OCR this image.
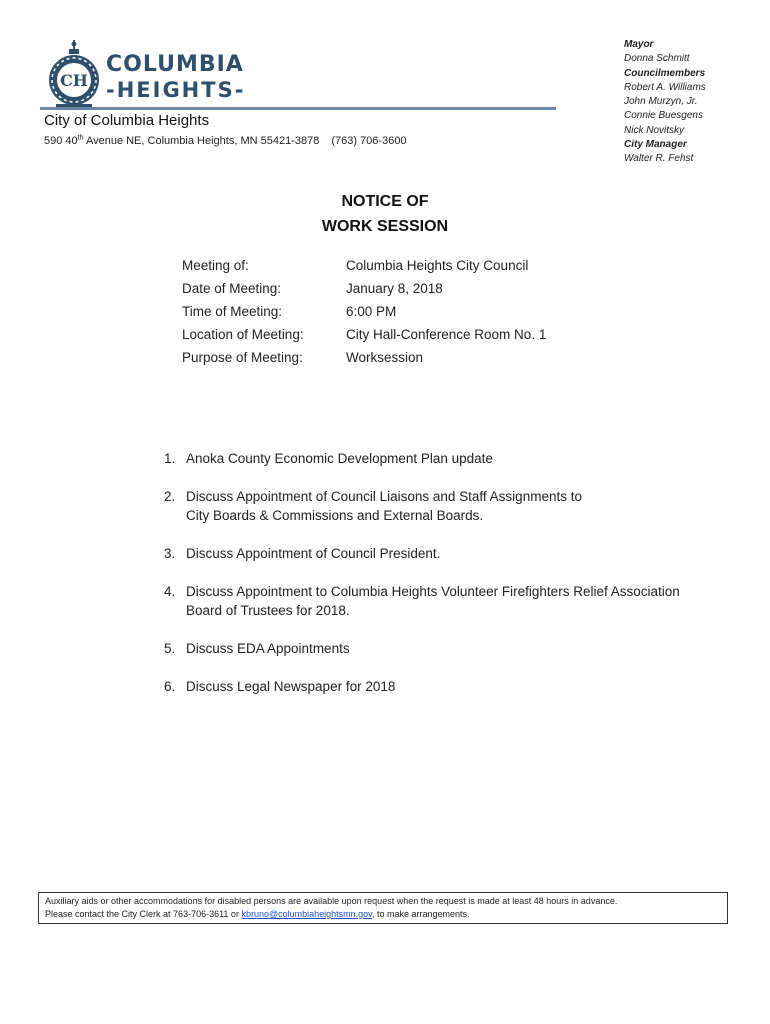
CH
COLUMBIA
-HEIGHTS-
City of Columbia Heights
590 40th Avenue NE, Columbia Heights, MN 55421-3878 (763) 706-3600
Mayor
Donna Schmitt
Councilmembers
Robert A. Williams
John Murzyn, Jr.
Connie Buesgens
Nick Novitsky
City Manager
Walter R. Fehst
NOTICE OF
WORK SESSION
Meeting of:	Columbia Heights City Council
Date of Meeting:	January 8, 2018
Time of Meeting:	6:00 PM
Location of Meeting:	City Hall-Conference Room No. 1
Purpose of Meeting:	Worksession
1. Anoka County Economic Development Plan update
2. Discuss Appointment of Council Liaisons and Staff Assignments to
City Boards & Commissions and External Boards.
3. Discuss Appointment of Council President.
4. Discuss Appointment to Columbia Heights Volunteer Firefighters Relief Association
Board of Trustees for 2018.
5. Discuss EDA Appointments
6. Discuss Legal Newspaper for 2018
Auxiliary aids or other accommodations for disabled persons are available upon request when the request is made at least 48 hours in advance.
Please contact the City Clerk at 763-706-3611 or kbruno@columbiaheightsmn.gov, to make arrangements.
